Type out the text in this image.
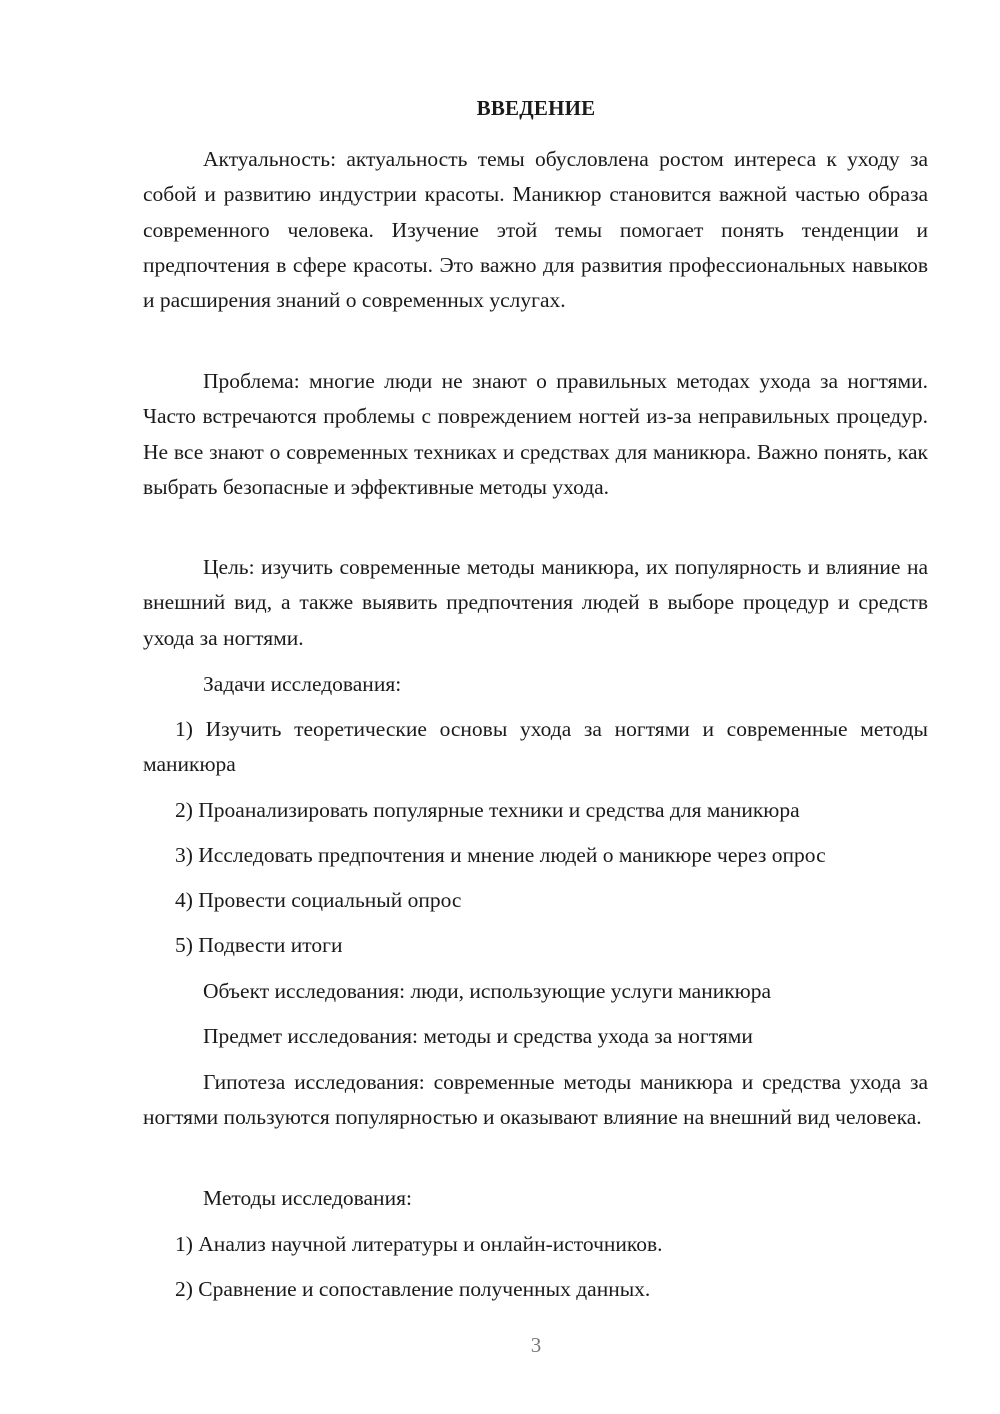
ВВЕДЕНИЕ

Актуальность: актуальность темы обусловлена ростом интереса к уходу за собой и развитию индустрии красоты. Маникюр становится важной частью образа современного человека. Изучение этой темы помогает понять тенденции и предпочтения в сфере красоты. Это важно для развития профессиональных навыков и расширения знаний о современных услугах.

Проблема: многие люди не знают о правильных методах ухода за ногтями. Часто встречаются проблемы с повреждением ногтей из-за неправильных процедур. Не все знают о современных техниках и средствах для маникюра. Важно понять, как выбрать безопасные и эффективные методы ухода.

Цель: изучить современные методы маникюра, их популярность и влияние на внешний вид, а также выявить предпочтения людей в выборе процедур и средств ухода за ногтями.

Задачи исследования:
1) Изучить теоретические основы ухода за ногтями и современные методы маникюра
2) Проанализировать популярные техники и средства для маникюра
3) Исследовать предпочтения и мнение людей о маникюре через опрос
4) Провести социальный опрос
5) Подвести итоги
Объект исследования: люди, использующие услуги маникюра
Предмет исследования: методы и средства ухода за ногтями

Гипотеза исследования: современные методы маникюра и средства ухода за ногтями пользуются популярностью и оказывают влияние на внешний вид человека.

Методы исследования:
1) Анализ научной литературы и онлайн-источников.
2) Сравнение и сопоставление полученных данных.
3
